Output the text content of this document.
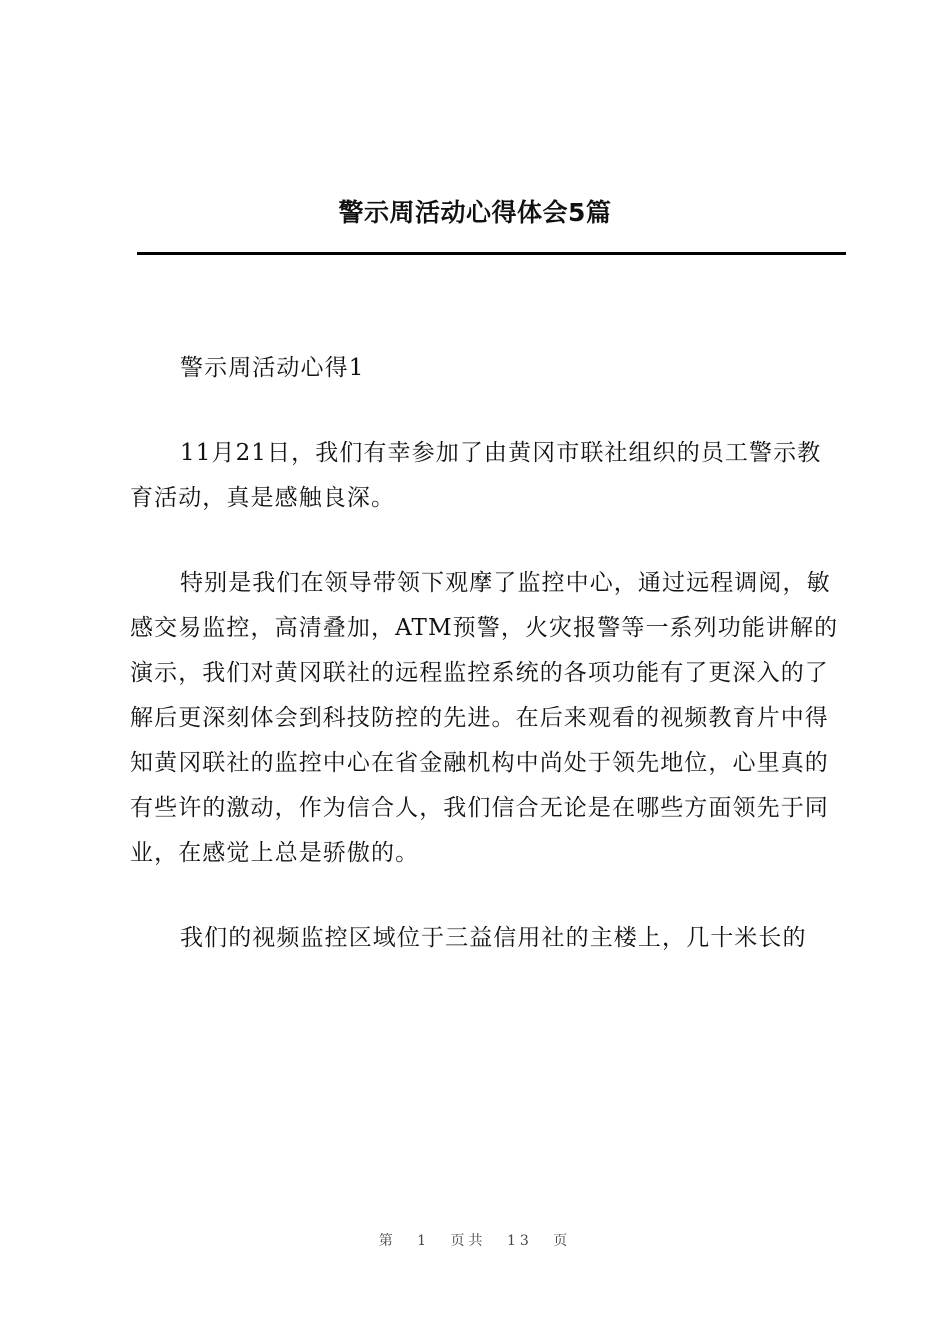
警示周活动心得体会5篇

警示周活动心得1

11月21日，我们有幸参加了由黄冈市联社组织的员工警示教育活动，真是感触良深。

特别是我们在领导带领下观摩了监控中心，通过远程调阅，敏感交易监控，高清叠加，ATM预警，火灾报警等一系列功能讲解的演示，我们对黄冈联社的远程监控系统的各项功能有了更深入的了解后更深刻体会到科技防控的先进。在后来观看的视频教育片中得知黄冈联社的监控中心在省金融机构中尚处于领先地位，心里真的有些许的激动，作为信合人，我们信合无论是在哪些方面领先于同业，在感觉上总是骄傲的。

我们的视频监控区域位于三益信用社的主楼上，几十米长的

第 1 页共 13 页
